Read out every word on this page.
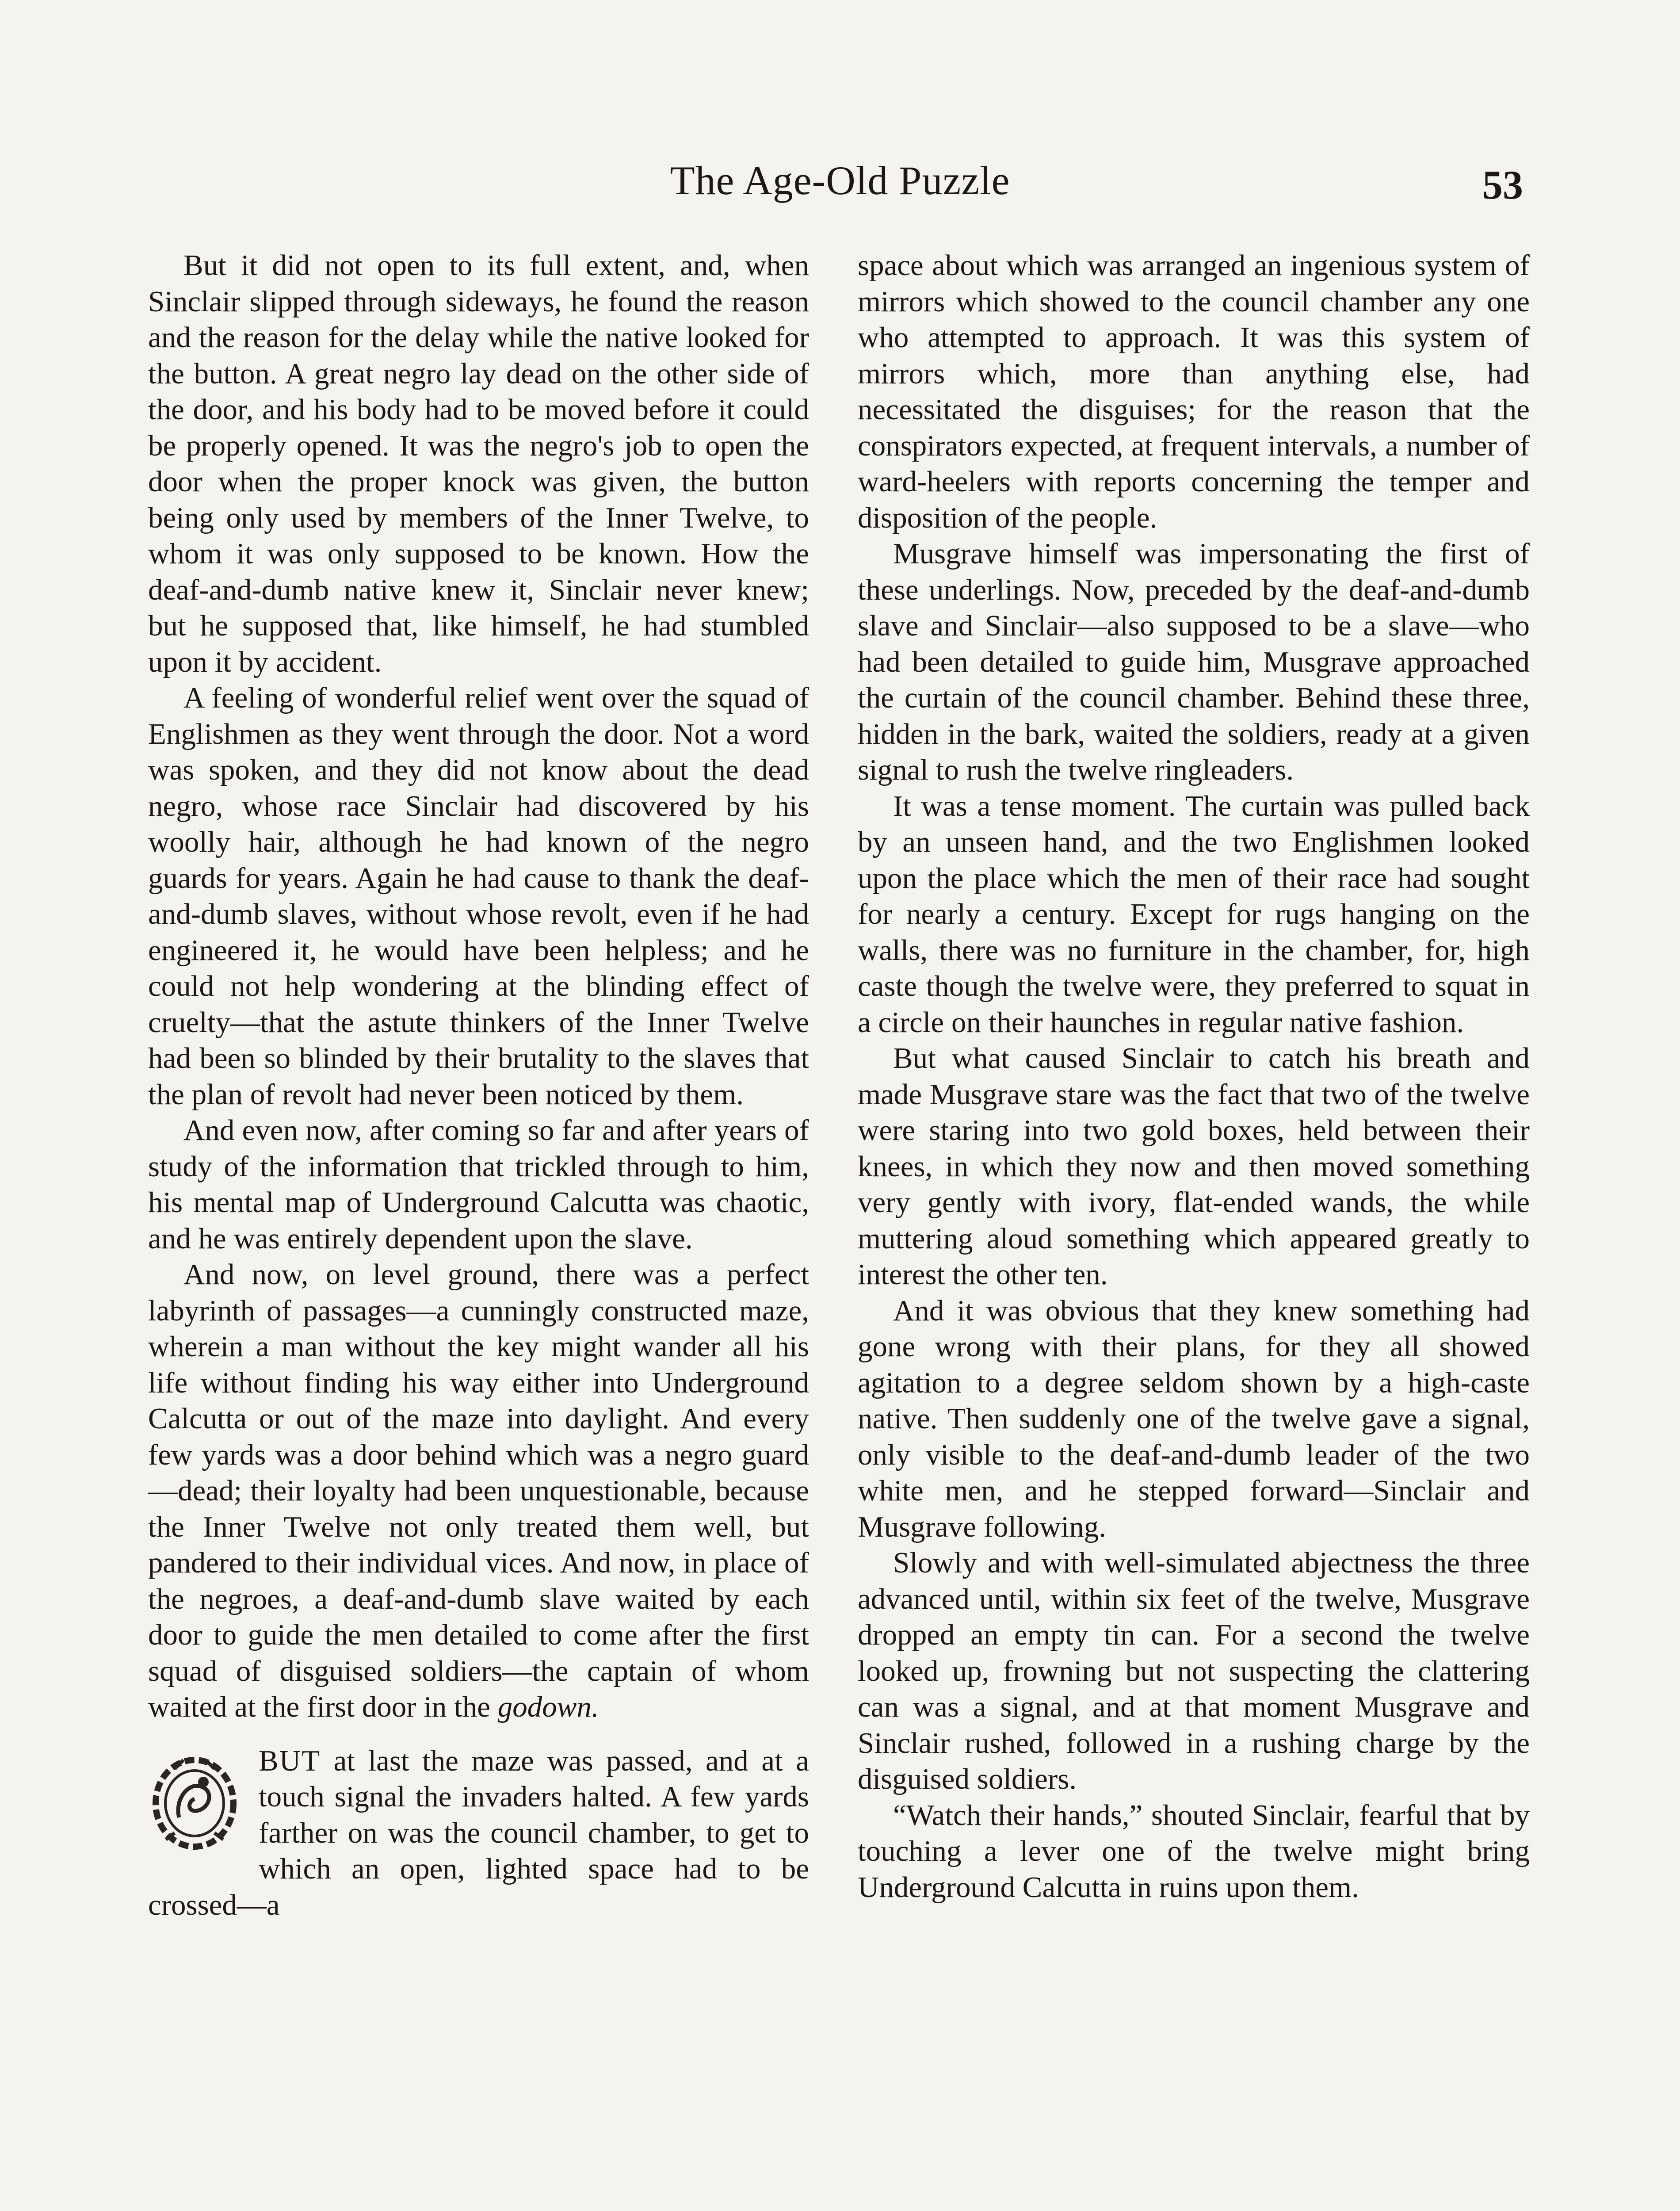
The Age-Old Puzzle	53

But it did not open to its full extent, and, when Sinclair slipped through sideways, he found the reason and the reason for the delay while the native looked for the button. A great negro lay dead on the other side of the door, and his body had to be moved before it could be properly opened. It was the negro's job to open the door when the proper knock was given, the button being only used by members of the Inner Twelve, to whom it was only supposed to be known. How the deaf-and-dumb native knew it, Sinclair never knew; but he supposed that, like himself, he had stumbled upon it by accident.

A feeling of wonderful relief went over the squad of Englishmen as they went through the door. Not a word was spoken, and they did not know about the dead negro, whose race Sinclair had discovered by his woolly hair, although he had known of the negro guards for years. Again he had cause to thank the deaf-and-dumb slaves, without whose revolt, even if he had engineered it, he would have been helpless; and he could not help wondering at the blinding effect of cruelty—that the astute thinkers of the Inner Twelve had been so blinded by their brutality to the slaves that the plan of revolt had never been noticed by them.

And even now, after coming so far and after years of study of the information that trickled through to him, his mental map of Underground Calcutta was chaotic, and he was entirely dependent upon the slave.

And now, on level ground, there was a perfect labyrinth of passages—a cunningly constructed maze, wherein a man without the key might wander all his life without finding his way either into Underground Calcutta or out of the maze into daylight. And every few yards was a door behind which was a negro guard—dead; their loyalty had been unquestionable, because the Inner Twelve not only treated them well, but pandered to their individual vices. And now, in place of the negroes, a deaf-and-dumb slave waited by each door to guide the men detailed to come after the first squad of disguised soldiers—the captain of whom waited at the first door in the godown.

BUT at last the maze was passed, and at a touch signal the invaders halted. A few yards farther on was the council chamber, to get to which an open, lighted space had to be crossed—a

space about which was arranged an ingenious system of mirrors which showed to the council chamber any one who attempted to approach. It was this system of mirrors which, more than anything else, had necessitated the disguises; for the reason that the conspirators expected, at frequent intervals, a number of ward-heelers with reports concerning the temper and disposition of the people.

Musgrave himself was impersonating the first of these underlings. Now, preceded by the deaf-and-dumb slave and Sinclair—also supposed to be a slave—who had been detailed to guide him, Musgrave approached the curtain of the council chamber. Behind these three, hidden in the bark, waited the soldiers, ready at a given signal to rush the twelve ringleaders.

It was a tense moment. The curtain was pulled back by an unseen hand, and the two Englishmen looked upon the place which the men of their race had sought for nearly a century. Except for rugs hanging on the walls, there was no furniture in the chamber, for, high caste though the twelve were, they preferred to squat in a circle on their haunches in regular native fashion.

But what caused Sinclair to catch his breath and made Musgrave stare was the fact that two of the twelve were staring into two gold boxes, held between their knees, in which they now and then moved something very gently with ivory, flat-ended wands, the while muttering aloud something which appeared greatly to interest the other ten.

And it was obvious that they knew something had gone wrong with their plans, for they all showed agitation to a degree seldom shown by a high-caste native. Then suddenly one of the twelve gave a signal, only visible to the deaf-and-dumb leader of the two white men, and he stepped forward—Sinclair and Musgrave following.

Slowly and with well-simulated abjectness the three advanced until, within six feet of the twelve, Musgrave dropped an empty tin can. For a second the twelve looked up, frowning but not suspecting the clattering can was a signal, and at that moment Musgrave and Sinclair rushed, followed in a rushing charge by the disguised soldiers.

“Watch their hands,” shouted Sinclair, fearful that by touching a lever one of the twelve might bring Underground Calcutta in ruins upon them.
